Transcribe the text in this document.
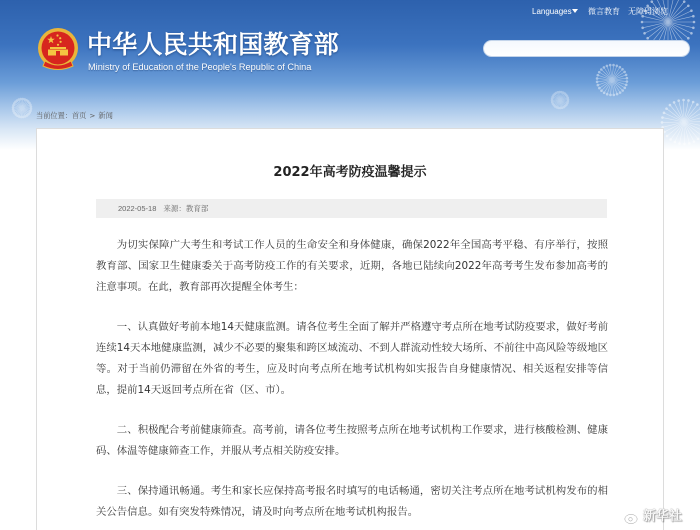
中华人民共和国教育部
Ministry of Education of the People's Republic of China
Languages 微言教育 无障碍浏览
当前位置：首页 > 新闻
2022年高考防疫温馨提示
2022-05-18 来源：教育部

为切实保障广大考生和考试工作人员的生命安全和身体健康，确保2022年全国高考平稳、有序举行，按照教育部、国家卫生健康委关于高考防疫工作的有关要求，近期，各地已陆续向2022年高考考生发布参加高考的注意事项。在此，教育部再次提醒全体考生：

一、认真做好考前本地14天健康监测。请各位考生全面了解并严格遵守考点所在地考试防疫要求，做好考前连续14天本地健康监测，减少不必要的聚集和跨区域流动、不到人群流动性较大场所、不前往中高风险等级地区等。对于当前仍滞留在外省的考生，应及时向考点所在地考试机构如实报告自身健康情况、相关返程安排等信息，提前14天返回考点所在省（区、市）。

二、积极配合考前健康筛查。高考前，请各位考生按照考点所在地考试机构工作要求，进行核酸检测、健康码、体温等健康筛查工作，并服从考点相关防疫安排。

三、保持通讯畅通。考生和家长应保持高考报名时填写的电话畅通，密切关注考点所在地考试机构发布的相关公告信息。如有突发特殊情况，请及时向考点所在地考试机构报告。	新华社
